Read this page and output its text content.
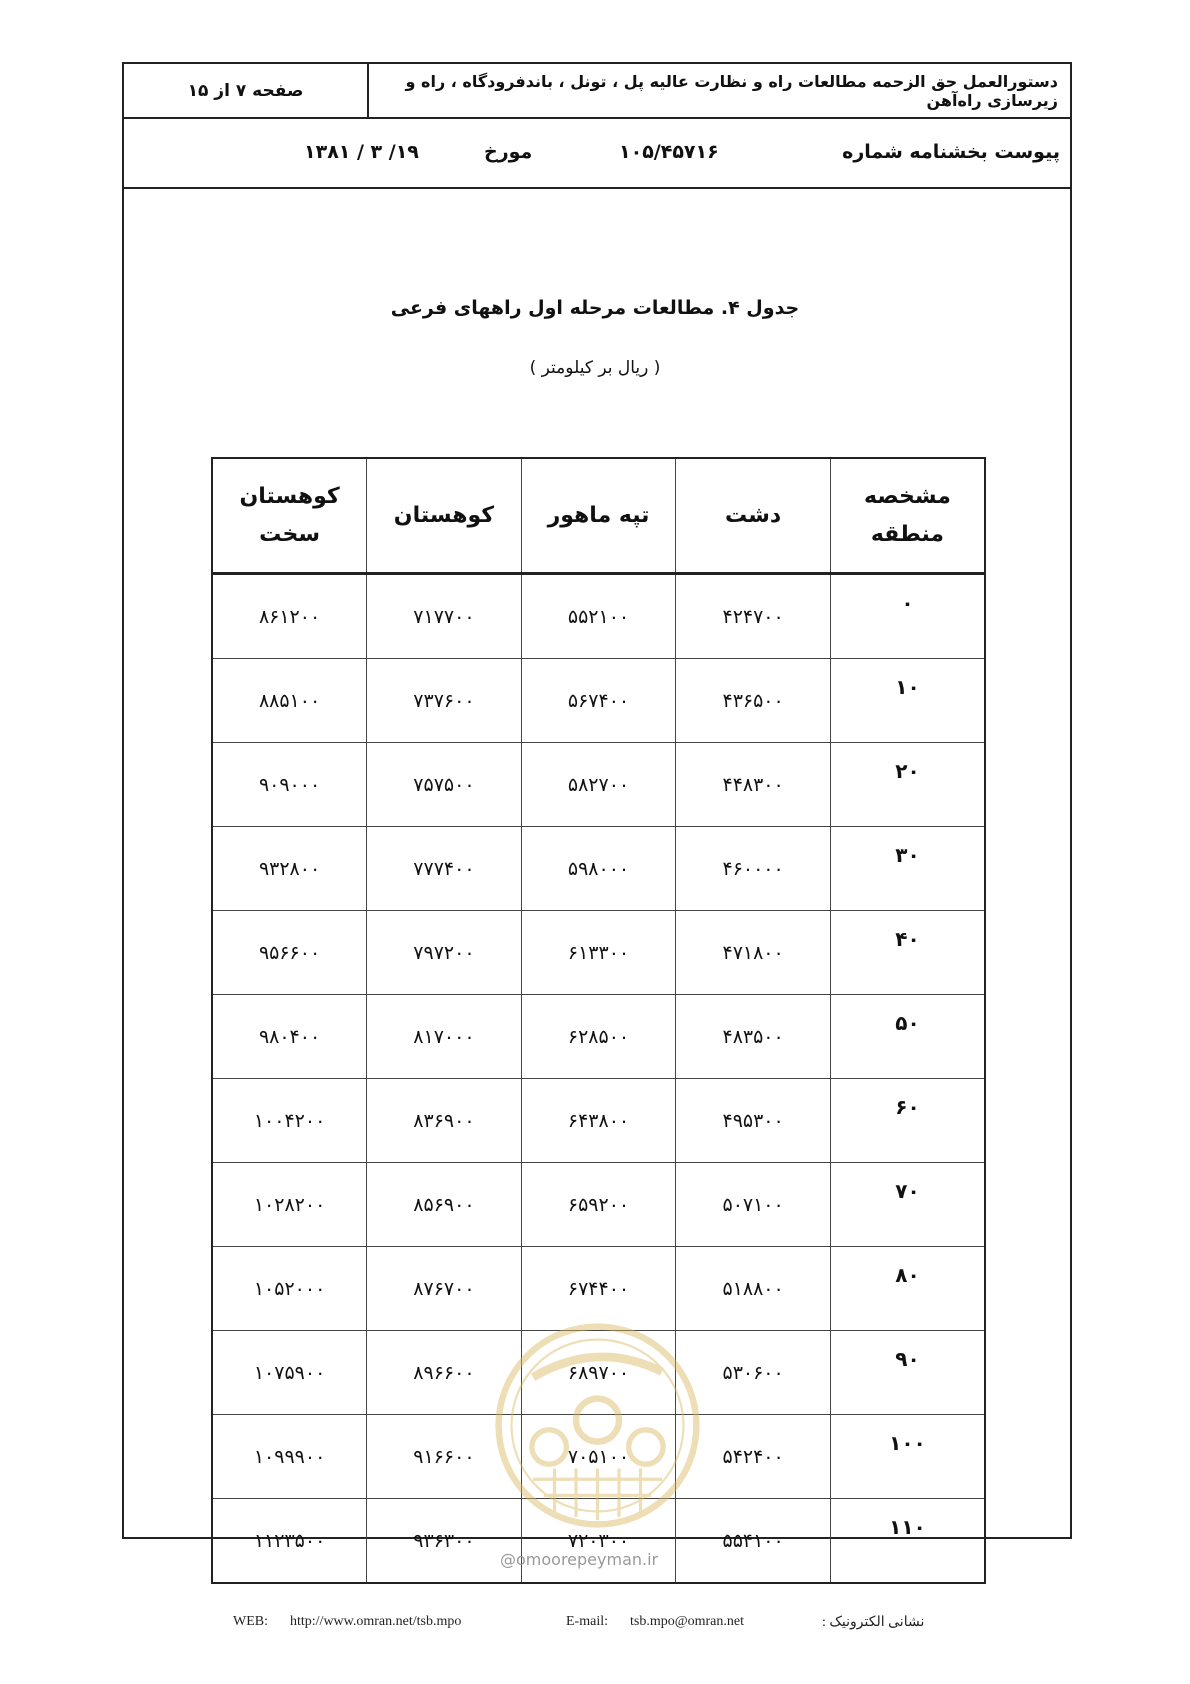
صفحه ۷ از ۱۵	دستورالعمل حق الزحمه مطالعات راه و نظارت عالیه پل ، تونل ، باندفرودگاه ، راه و زیرسازی راه‌آهن
پیوست بخشنامه شماره
۱۰۵/۴۵۷۱۶
مورخ
۱۳۸۱ / ۳ /۱۹
جدول ۴. مطالعات مرحله اول راههای فرعی
( ریال بر کیلومتر )
مشخصه منطقه	دشت	تپه ماهور	کوهستان	کوهستان سخت
۰	۴۲۴۷۰۰	۵۵۲۱۰۰	۷۱۷۷۰۰	۸۶۱۲۰۰
۱۰	۴۳۶۵۰۰	۵۶۷۴۰۰	۷۳۷۶۰۰	۸۸۵۱۰۰
۲۰	۴۴۸۳۰۰	۵۸۲۷۰۰	۷۵۷۵۰۰	۹۰۹۰۰۰
۳۰	۴۶۰۰۰۰	۵۹۸۰۰۰	۷۷۷۴۰۰	۹۳۲۸۰۰
۴۰	۴۷۱۸۰۰	۶۱۳۳۰۰	۷۹۷۲۰۰	۹۵۶۶۰۰
۵۰	۴۸۳۵۰۰	۶۲۸۵۰۰	۸۱۷۰۰۰	۹۸۰۴۰۰
۶۰	۴۹۵۳۰۰	۶۴۳۸۰۰	۸۳۶۹۰۰	۱۰۰۴۲۰۰
۷۰	۵۰۷۱۰۰	۶۵۹۲۰۰	۸۵۶۹۰۰	۱۰۲۸۲۰۰
۸۰	۵۱۸۸۰۰	۶۷۴۴۰۰	۸۷۶۷۰۰	۱۰۵۲۰۰۰
۹۰	۵۳۰۶۰۰	۶۸۹۷۰۰	۸۹۶۶۰۰	۱۰۷۵۹۰۰
۱۰۰	۵۴۲۴۰۰	۷۰۵۱۰۰	۹۱۶۶۰۰	۱۰۹۹۹۰۰
۱۱۰	۵۵۴۱۰۰	۷۲۰۳۰۰	۹۳۶۳۰۰	۱۱۲۳۵۰۰
@omoorepeyman.ir
WEB: http://www.omran.net/tsb.mpo	E-mail: tsb.mpo@omran.net	نشانی الکترونیک :
